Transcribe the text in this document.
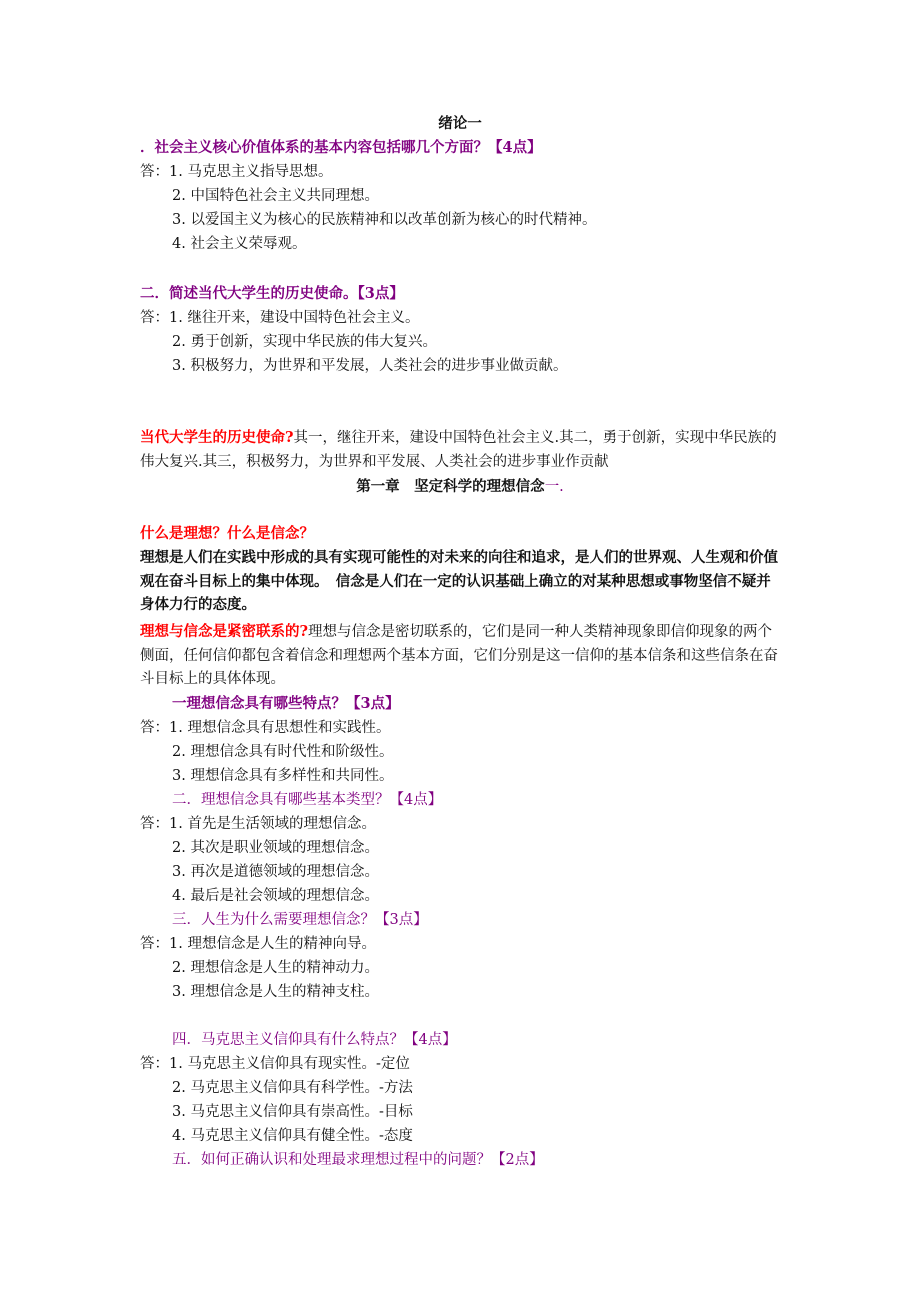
绪论一
．社会主义核心价值体系的基本内容包括哪几个方面？【4点】
答：1. 马克思主义指导思想。
2. 中国特色社会主义共同理想。
3. 以爱国主义为核心的民族精神和以改革创新为核心的时代精神。
4. 社会主义荣辱观。
二．简述当代大学生的历史使命。【3点】
答：1. 继往开来，建设中国特色社会主义。
2. 勇于创新，实现中华民族的伟大复兴。
3. 积极努力，为世界和平发展，人类社会的进步事业做贡献。
当代大学生的历史使命?其一，继往开来，建设中国特色社会主义.其二，勇于创新，实现中华民族的伟大复兴.其三，积极努力，为世界和平发展、人类社会的进步事业作贡献
第一章　坚定科学的理想信念一.
什么是理想？什么是信念？
理想是人们在实践中形成的具有实现可能性的对未来的向往和追求，是人们的世界观、人生观和价值观在奋斗目标上的集中体现。　信念是人们在一定的认识基础上确立的对某种思想或事物坚信不疑并身体力行的态度。
理想与信念是紧密联系的?理想与信念是密切联系的，它们是同一种人类精神现象即信仰现象的两个侧面，任何信仰都包含着信念和理想两个基本方面，它们分别是这一信仰的基本信条和这些信条在奋斗目标上的具体体现。
一理想信念具有哪些特点？【3点】
答：1. 理想信念具有思想性和实践性。
2. 理想信念具有时代性和阶级性。
3. 理想信念具有多样性和共同性。
二．理想信念具有哪些基本类型？【4点】
答：1. 首先是生活领域的理想信念。
2. 其次是职业领域的理想信念。
3. 再次是道德领域的理想信念。
4. 最后是社会领域的理想信念。
三．人生为什么需要理想信念？【3点】
答：1. 理想信念是人生的精神向导。
2. 理想信念是人生的精神动力。
3. 理想信念是人生的精神支柱。
四．马克思主义信仰具有什么特点？【4点】
答：1. 马克思主义信仰具有现实性。-定位
2. 马克思主义信仰具有科学性。-方法
3. 马克思主义信仰具有崇高性。-目标
4. 马克思主义信仰具有健全性。-态度
五．如何正确认识和处理最求理想过程中的问题？【2点】
